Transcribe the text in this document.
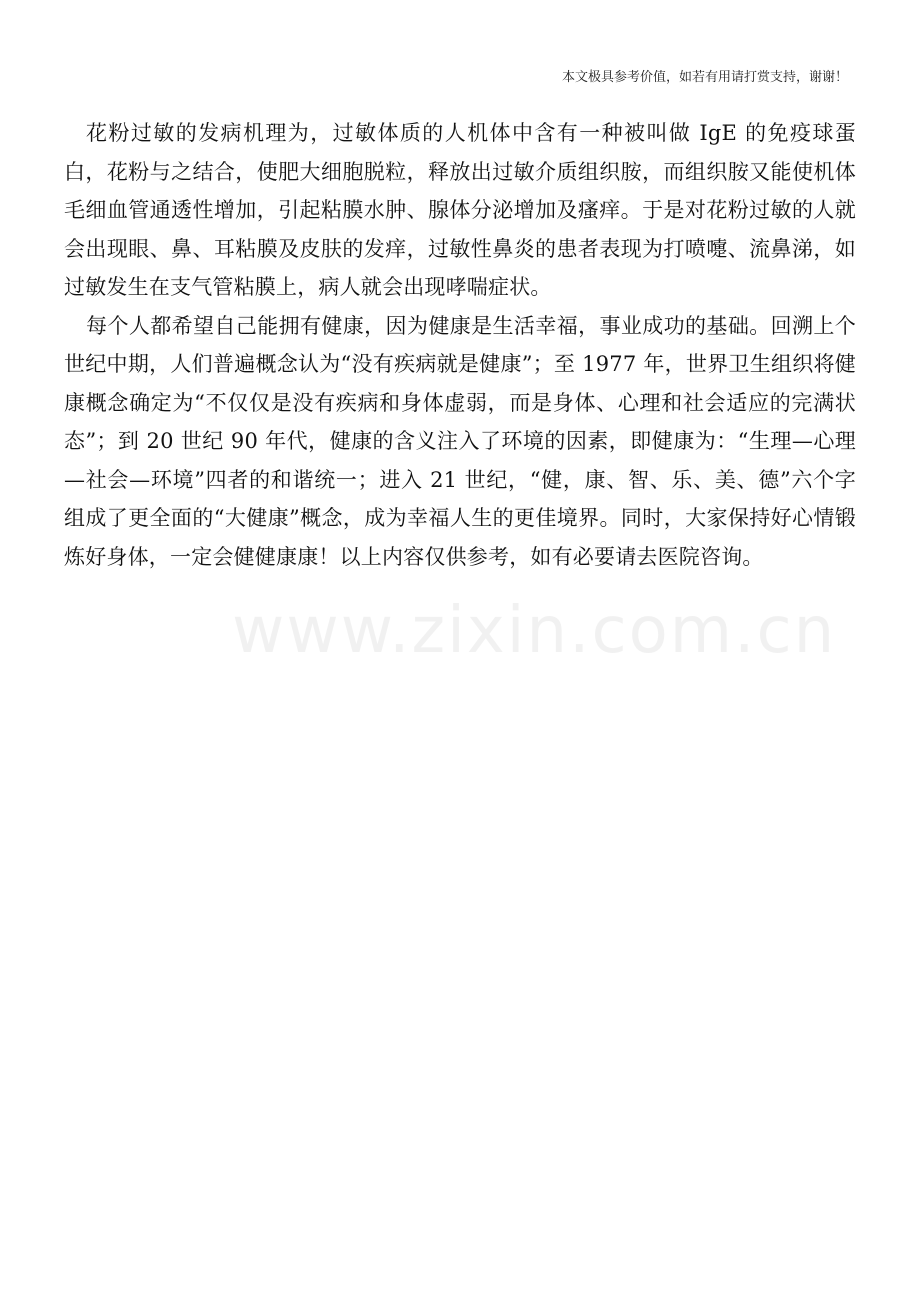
本文极具参考价值，如若有用请打赏支持，谢谢！

花粉过敏的发病机理为，过敏体质的人机体中含有一种被叫做 IgE 的免疫球蛋白，花粉与之结合，使肥大细胞脱粒，释放出过敏介质组织胺，而组织胺又能使机体毛细血管通透性增加，引起粘膜水肿、腺体分泌增加及瘙痒。于是对花粉过敏的人就会出现眼、鼻、耳粘膜及皮肤的发痒，过敏性鼻炎的患者表现为打喷嚏、流鼻涕，如过敏发生在支气管粘膜上，病人就会出现哮喘症状。

每个人都希望自己能拥有健康，因为健康是生活幸福，事业成功的基础。回溯上个世纪中期，人们普遍概念认为“没有疾病就是健康”；至 1977 年，世界卫生组织将健康概念确定为“不仅仅是没有疾病和身体虚弱，而是身体、心理和社会适应的完满状态”；到 20 世纪 90 年代，健康的含义注入了环境的因素，即健康为：“生理—心理—社会—环境”四者的和谐统一；进入 21 世纪，“健，康、智、乐、美、德”六个字组成了更全面的“大健康”概念，成为幸福人生的更佳境界。同时，大家保持好心情锻炼好身体，一定会健健康康！以上内容仅供参考，如有必要请去医院咨询。

www.zixin.com.cn
